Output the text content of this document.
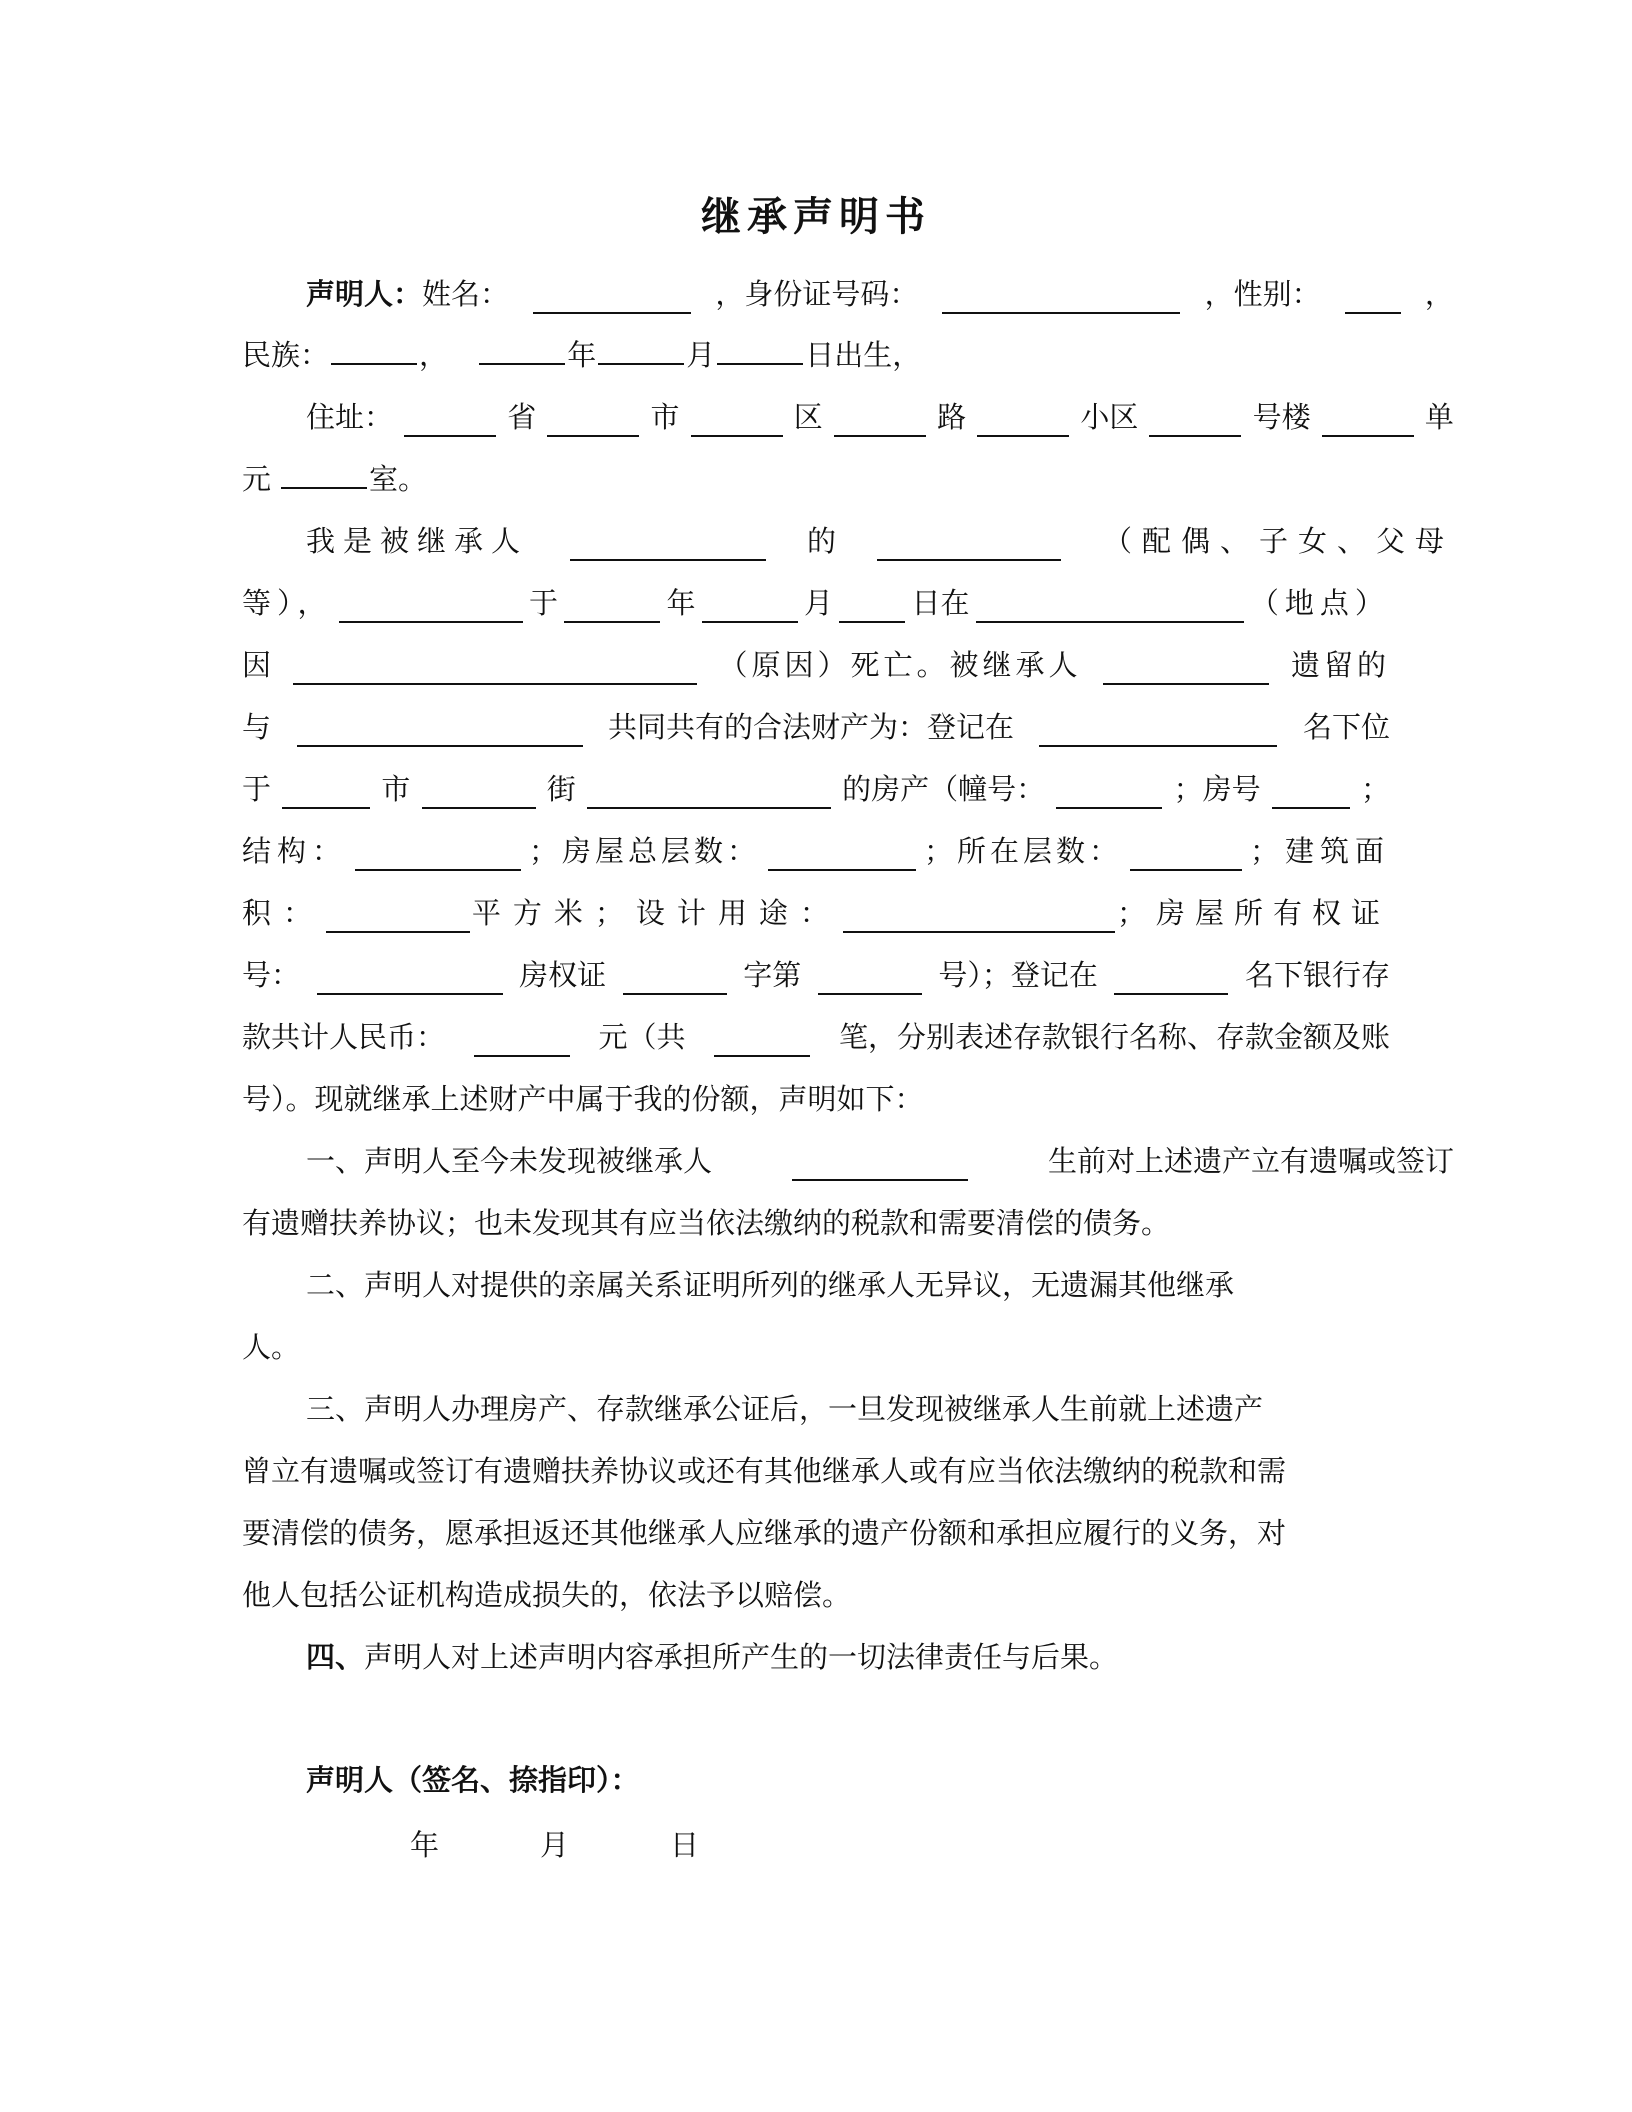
继承声明书
声明人：姓名：	，身份证号码：	，性别：	，
民族：	，	年	月	日出生，
住址：	省	市	区	路	小区	号楼	单
元	室。
我是被继承人	的	（配偶、子女、父母
等），	于	年	月	日在	（地点）
因	（原因）死亡。被继承人	遗留的
与	共同共有的合法财产为：登记在	名下位
于	市	街	的房产（幢号：	；房号	；
结构：	；房屋总层数：	；所在层数：	；建筑面
积：	平方米；设计用途：	；房屋所有权证
号：	房权证	字第	号）；登记在	名下银行存
款共计人民币：	元（共	笔，分别表述存款银行名称、存款金额及账
号）。现就继承上述财产中属于我的份额，声明如下：
一、声明人至今未发现被继承人	生前对上述遗产立有遗嘱或签订
有遗赠扶养协议；也未发现其有应当依法缴纳的税款和需要清偿的债务。
二、声明人对提供的亲属关系证明所列的继承人无异议，无遗漏其他继承
人。
三、声明人办理房产、存款继承公证后，一旦发现被继承人生前就上述遗产
曾立有遗嘱或签订有遗赠扶养协议或还有其他继承人或有应当依法缴纳的税款和需
要清偿的债务，愿承担返还其他继承人应继承的遗产份额和承担应履行的义务，对
他人包括公证机构造成损失的，依法予以赔偿。
四、声明人对上述声明内容承担所产生的一切法律责任与后果。
声明人（签名、捺指印）：
年	月	日
